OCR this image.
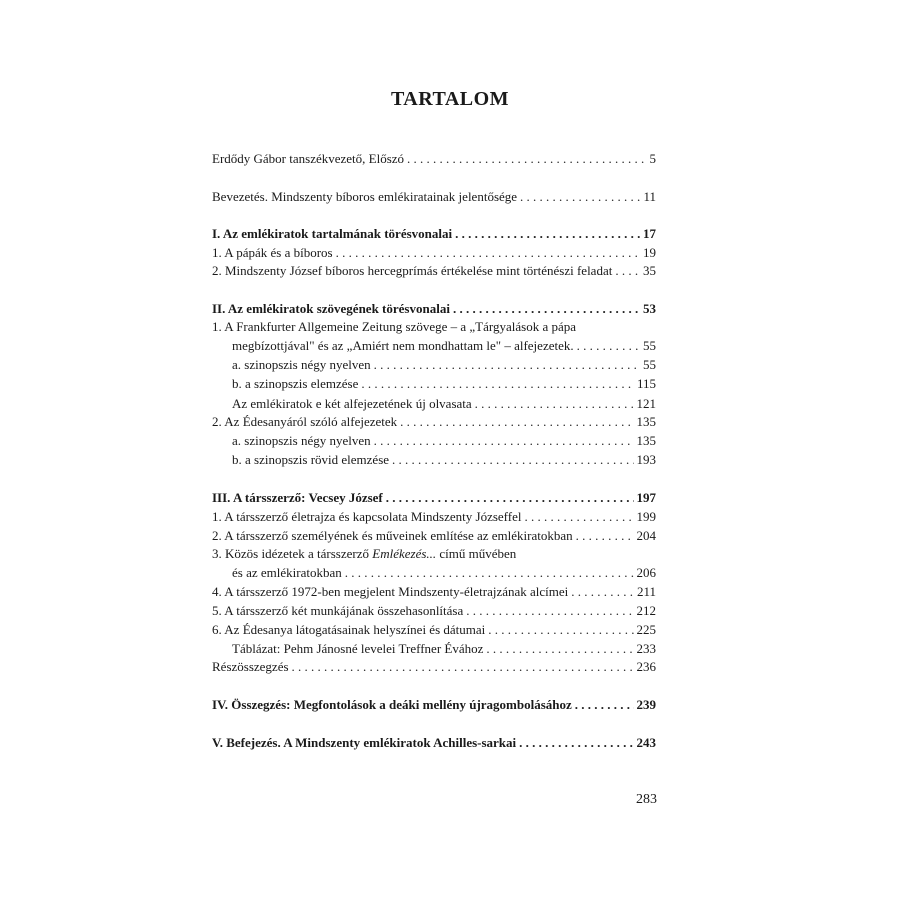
TARTALOM
Erdődy Gábor tanszékvezető, Előszó . . .	5
Bevezetés. Mindszenty bíboros emlékiratainak jelentősége . . .	11
I. Az emlékiratok tartalmának törésvonalai . . .	17
1. A pápák és a bíboros . . .	19
2. Mindszenty József bíboros hercegprímás értékelése mint történészi feladat . . . 35
II. Az emlékiratok szövegének törésvonalai . . .	53
1. A Frankfurter Allgemeine Zeitung szövege – a „Tárgyalások a pápa
megbízottjával" és az „Amiért nem mondhattam le" – alfejezetek. . . .	55
a. szinopszis négy nyelven . . .	55
b. a szinopszis elemzése . . .	115
Az emlékiratok e két alfejezetének új olvasata . . .	121
2. Az Édesanyáról szóló alfejezetek . . .	135
a. szinopszis négy nyelven . . .	135
b. a szinopszis rövid elemzése . . .	193
III. A társszerző: Vecsey József . . .	197
1. A társszerző életrajza és kapcsolata Mindszenty Józseffel . . .	199
2. A társszerző személyének és műveinek említése az emlékiratokban . . .	204
3. Közös idézetek a társszerző Emlékezés... című művében
és az emlékiratokban . . .	206
4. A társszerző 1972-ben megjelent Mindszenty-életrajzának alcímei . . .	211
5. A társszerző két munkájának összehasonlítása . . .	212
6. Az Édesanya látogatásainak helyszínei és dátumai . . .	225
Táblázat: Pehm Jánosné levelei Treffner Évához . . .	233
Részösszegzés . . .	236
IV. Összegzés: Megfontolások a deáki mellény újragombolásához . . .	239
V. Befejezés. A Mindszenty emlékiratok Achilles-sarkai . . .	243
283
